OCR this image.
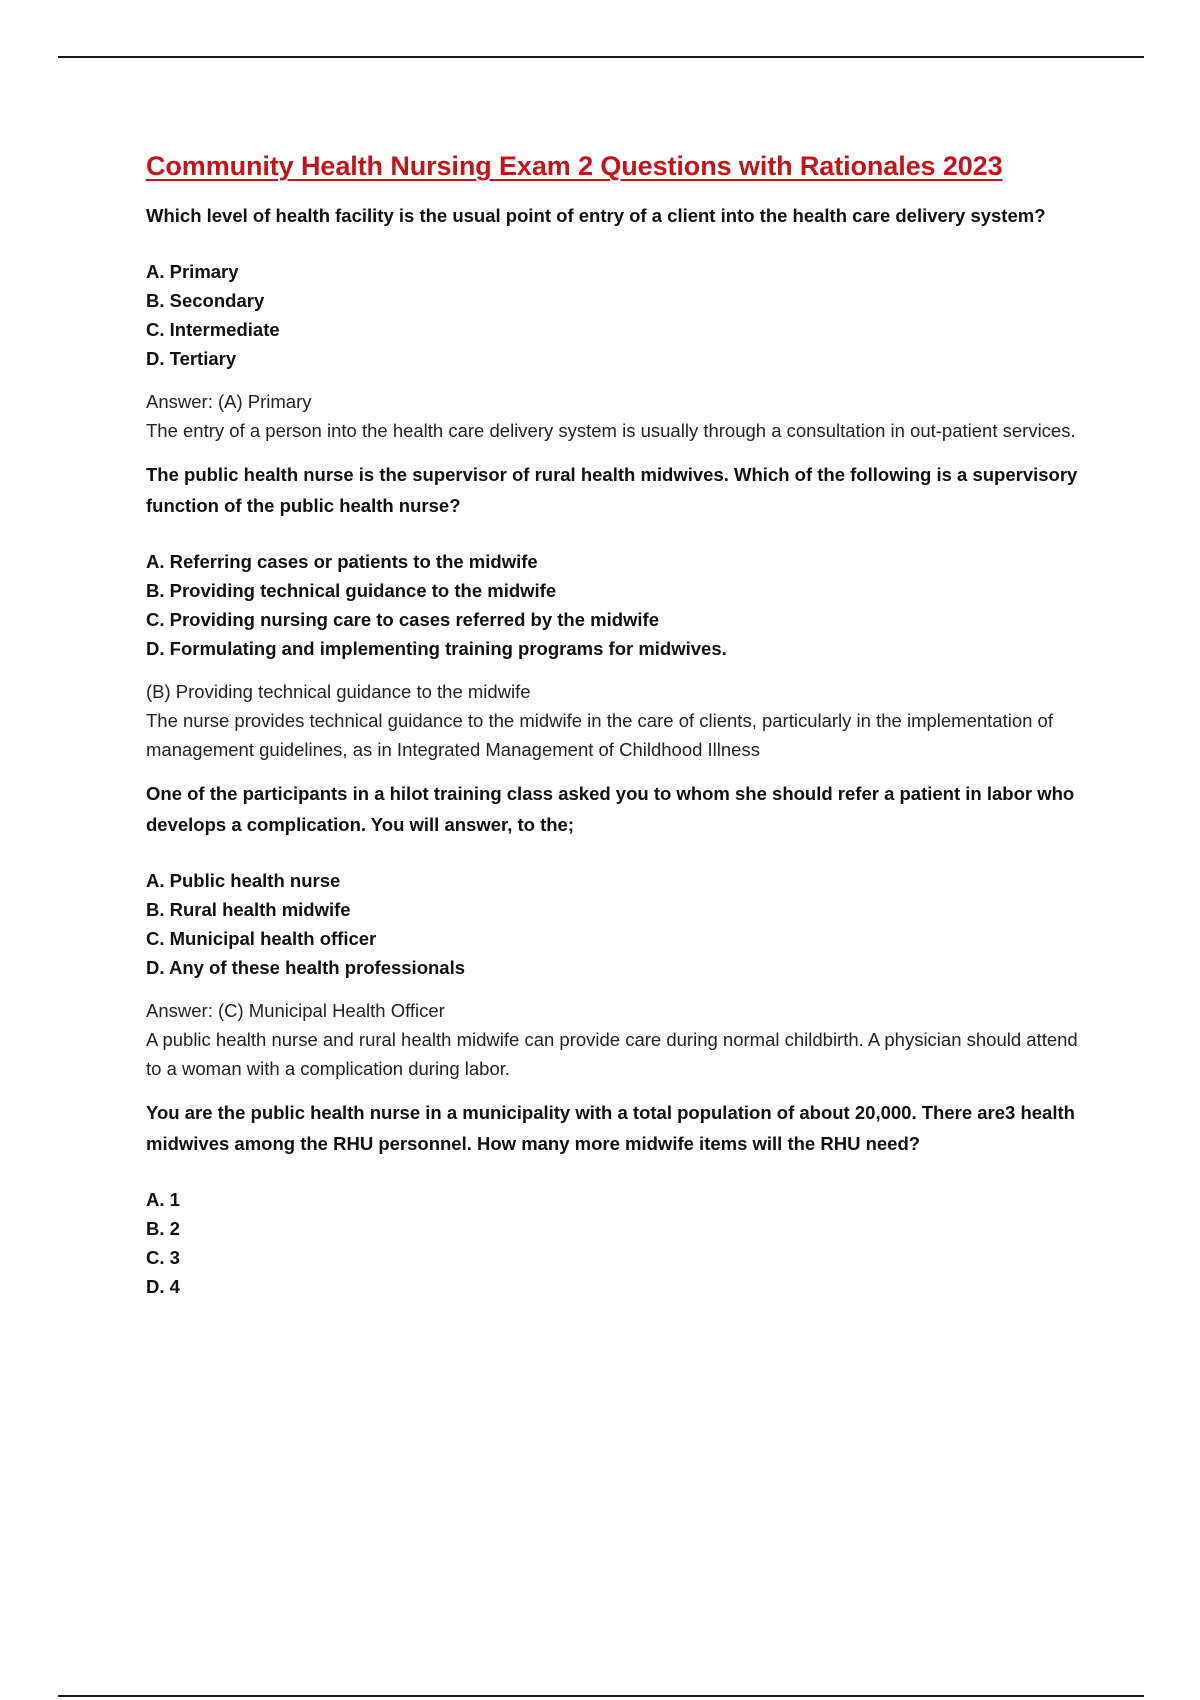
Community Health Nursing Exam 2 Questions with Rationales 2023

Which level of health facility is the usual point of entry of a client into the health care delivery system?

A. Primary
B. Secondary
C. Intermediate
D. Tertiary
Answer: (A) Primary
The entry of a person into the health care delivery system is usually through a consultation in out-patient services.

The public health nurse is the supervisor of rural health midwives. Which of the following is a supervisory function of the public health nurse?

A. Referring cases or patients to the midwife
B. Providing technical guidance to the midwife
C. Providing nursing care to cases referred by the midwife
D. Formulating and implementing training programs for midwives.
(B) Providing technical guidance to the midwife
The nurse provides technical guidance to the midwife in the care of clients, particularly in the implementation of management guidelines, as in Integrated Management of Childhood Illness

One of the participants in a hilot training class asked you to whom she should refer a patient in labor who develops a complication. You will answer, to the;

A. Public health nurse
B. Rural health midwife
C. Municipal health officer
D. Any of these health professionals
Answer: (C) Municipal Health Officer
A public health nurse and rural health midwife can provide care during normal childbirth. A physician should attend to a woman with a complication during labor.

You are the public health nurse in a municipality with a total population of about 20,000. There are3 health midwives among the RHU personnel. How many more midwife items will the RHU need?

A. 1
B. 2
C. 3
D. 4
